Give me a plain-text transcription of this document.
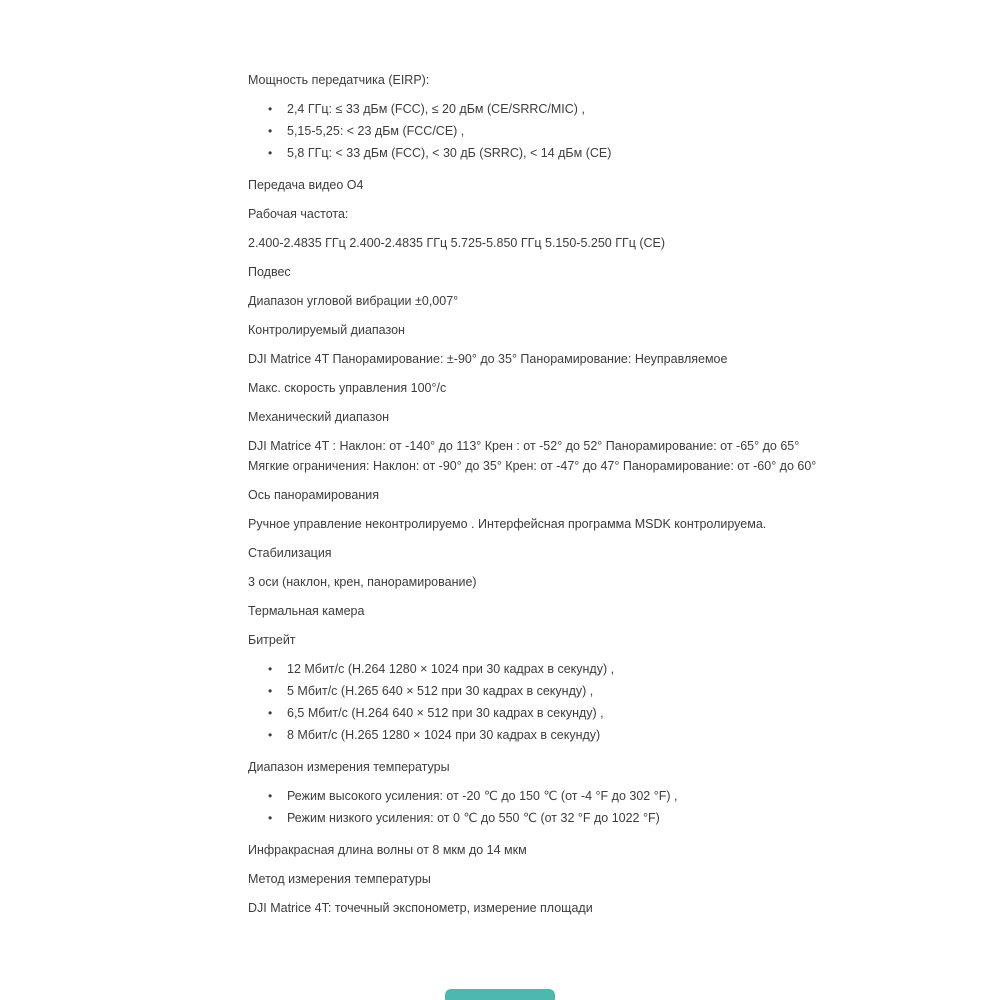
Мощность передатчика (EIRP):

•	2,4 ГГц: ≤ 33 дБм (FCC), ≤ 20 дБм (CE/SRRC/MIC) ,
•	5,15-5,25: < 23 дБм (FCC/CE) ,
•	5,8 ГГц: < 33 дБм (FCC), < 30 дБ (SRRC), < 14 дБм (CE)

Передача видео O4

Рабочая частота:

2.400-2.4835 ГГц 2.400-2.4835 ГГц 5.725-5.850 ГГц 5.150-5.250 ГГц (CE)

Подвес

Диапазон угловой вибрации ±0,007°

Контролируемый диапазон

DJI Matrice 4T Панорамирование: ±-90° до 35° Панорамирование: Неуправляемое

Макс. скорость управления 100°/с

Механический диапазон

DJI Matrice 4T : Наклон: от -140° до 113° Крен : от -52° до 52° Панорамирование: от -65° до 65°
Мягкие ограничения: Наклон: от -90° до 35° Крен: от -47° до 47° Панорамирование: от -60° до 60°

Ось панорамирования

Ручное управление неконтролируемо . Интерфейсная программа MSDK контролируема.

Стабилизация

3 оси (наклон, крен, панорамирование)

Термальная камера

Битрейт

•	12 Мбит/с (H.264 1280 × 1024 при 30 кадрах в секунду) ,
•	5 Мбит/с (H.265 640 × 512 при 30 кадрах в секунду) ,
•	6,5 Мбит/с (H.264 640 × 512 при 30 кадрах в секунду) ,
•	8 Мбит/с (H.265 1280 × 1024 при 30 кадрах в секунду)

Диапазон измерения температуры

•	Режим высокого усиления: от -20 ℃ до 150 ℃ (от -4 °F до 302 °F) ,
•	Режим низкого усиления: от 0 ℃ до 550 ℃ (от 32 °F до 1022 °F)

Инфракрасная длина волны от 8 мкм до 14 мкм

Метод измерения температуры

DJI Matrice 4T: точечный экспонометр, измерение площади
